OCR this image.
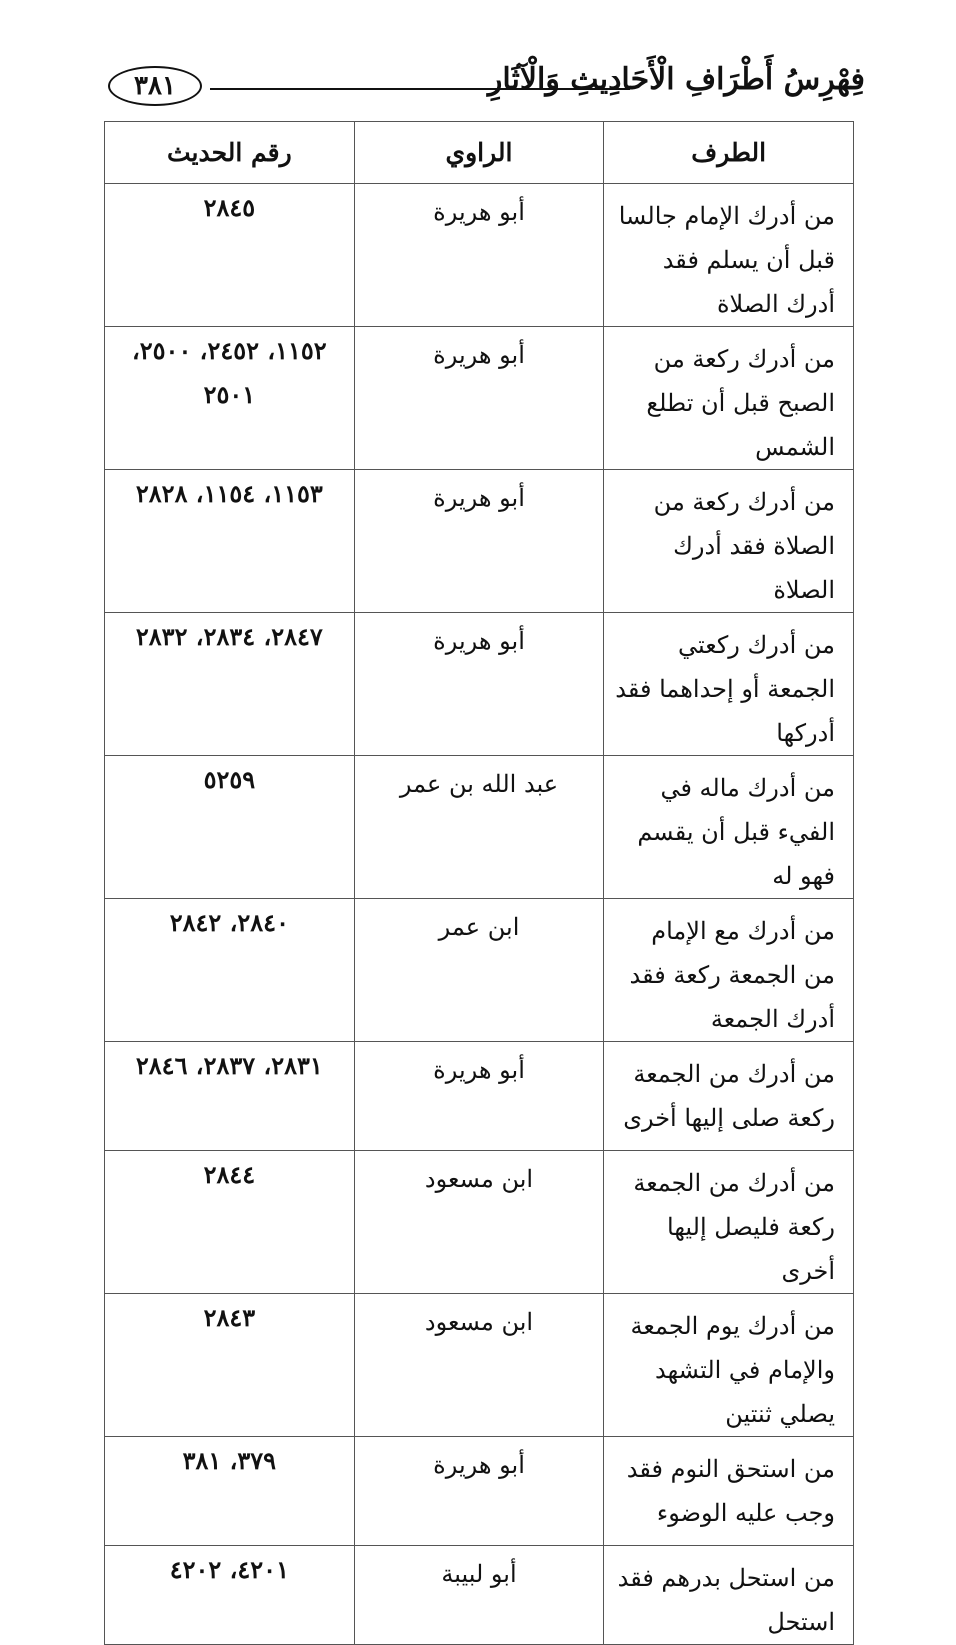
٣٨١	فِهْرِسُ أَطْرَافِ الْأَحَادِيثِ وَالْآثَارِ
الطرف	الراوي	رقم الحديث
من أدرك الإمام جالسا قبل أن يسلم فقد أدرك الصلاة	أبو هريرة	٢٨٤٥
من أدرك ركعة من الصبح قبل أن تطلع الشمس	أبو هريرة	١١٥٢، ٢٤٥٢، ٢٥٠٠، ٢٥٠١
من أدرك ركعة من الصلاة فقد أدرك الصلاة	أبو هريرة	١١٥٣، ١١٥٤، ٢٨٢٨
من أدرك ركعتي الجمعة أو إحداهما فقد أدركها	أبو هريرة	٢٨٤٧، ٢٨٣٤، ٢٨٣٢
من أدرك ماله في الفيء قبل أن يقسم فهو له	عبد الله بن عمر	٥٢٥٩
من أدرك مع الإمام من الجمعة ركعة فقد أدرك الجمعة	ابن عمر	٢٨٤٠، ٢٨٤٢
من أدرك من الجمعة ركعة صلى إليها أخرى	أبو هريرة	٢٨٣١، ٢٨٣٧، ٢٨٤٦
من أدرك من الجمعة ركعة فليصل إليها أخرى	ابن مسعود	٢٨٤٤
من أدرك يوم الجمعة والإمام في التشهد يصلي ثنتين	ابن مسعود	٢٨٤٣
من استحق النوم فقد وجب عليه الوضوء	أبو هريرة	٣٧٩، ٣٨١
من استحل بدرهم فقد استحل	أبو لبيبة	٤٢٠١، ٤٢٠٢
